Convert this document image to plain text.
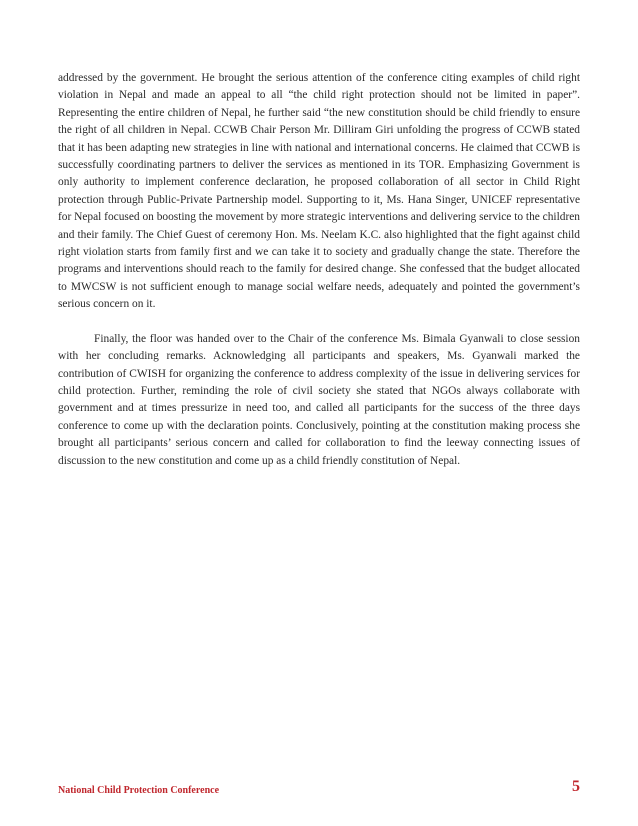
addressed by the government. He brought the serious attention of the conference citing examples of child right violation in Nepal and made an appeal to all “the child right protection should not be limited in paper”. Representing the entire children of Nepal, he further said “the new constitution should be child friendly to ensure the right of all children in Nepal. CCWB Chair Person Mr. Dilliram Giri unfolding the progress of CCWB stated that it has been adapting new strategies in line with national and international concerns. He claimed that CCWB is successfully coordinating partners to deliver the services as mentioned in its TOR. Emphasizing Government is only authority to implement conference declaration, he proposed collaboration of all sector in Child Right protection through Public-Private Partnership model. Supporting to it, Ms. Hana Singer, UNICEF representative for Nepal focused on boosting the movement by more strategic interventions and delivering service to the children and their family. The Chief Guest of ceremony Hon. Ms. Neelam K.C. also highlighted that the fight against child right violation starts from family first and we can take it to society and gradually change the state. Therefore the programs and interventions should reach to the family for desired change. She confessed that the budget allocated to MWCSW is not sufficient enough to manage social welfare needs, adequately and pointed the government’s serious concern on it.

Finally, the floor was handed over to the Chair of the conference Ms. Bimala Gyanwali to close session with her concluding remarks. Acknowledging all participants and speakers, Ms. Gyanwali marked the contribution of CWISH for organizing the conference to address complexity of the issue in delivering services for child protection. Further, reminding the role of civil society she stated that NGOs always collaborate with government and at times pressurize in need too, and called all participants for the success of the three days conference to come up with the declaration points. Conclusively, pointing at the constitution making process she brought all participants’ serious concern and called for collaboration to find the leeway connecting issues of discussion to the new constitution and come up as a child friendly constitution of Nepal.

National Child Protection Conference	5
